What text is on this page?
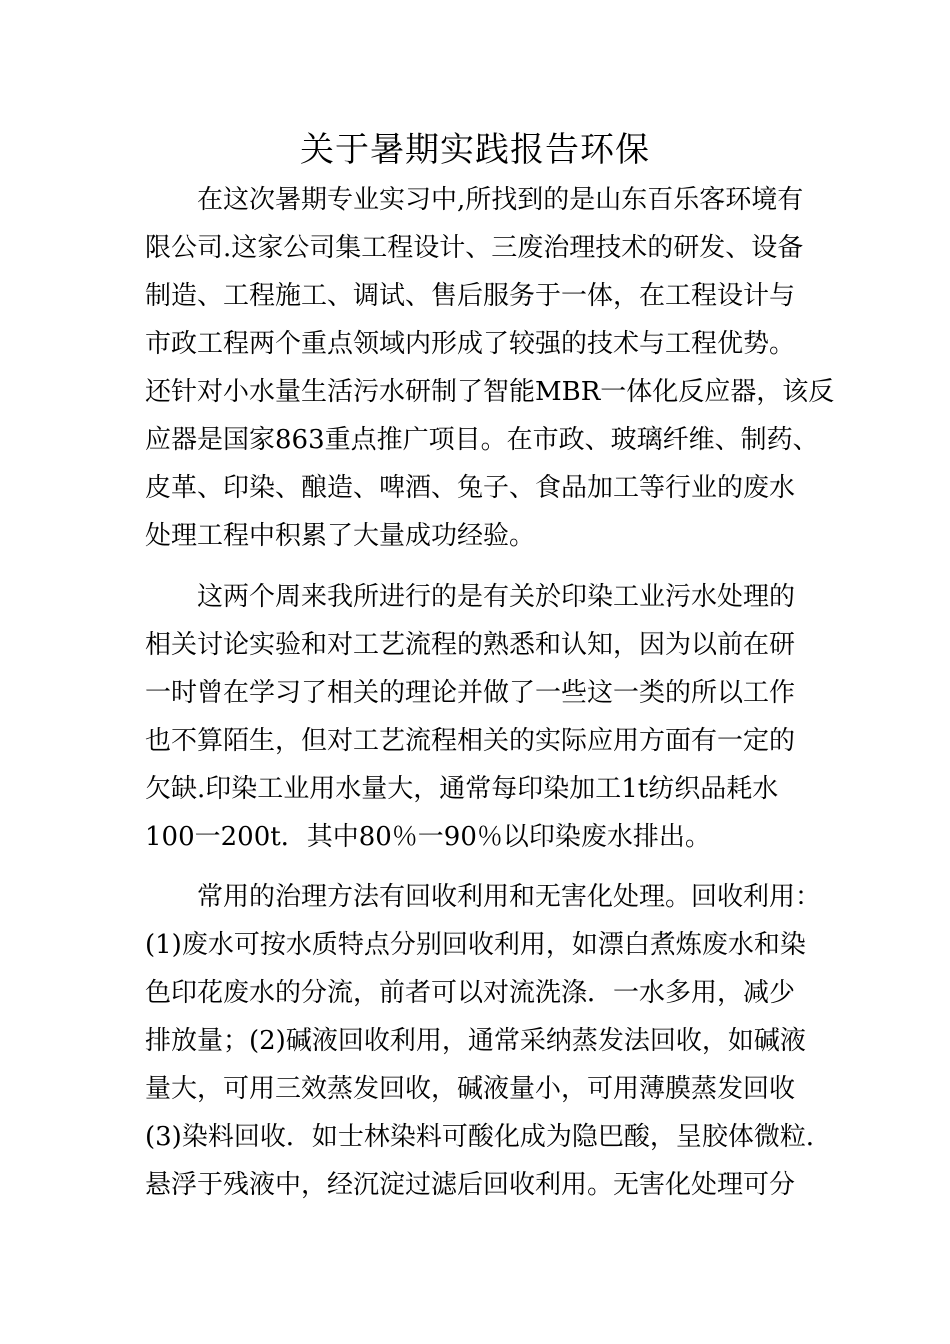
关于暑期实践报告环保
　　在这次暑期专业实习中,所找到的是山东百乐客环境有
限公司.这家公司集工程设计、三废治理技术的研发、设备
制造、工程施工、调试、售后服务于一体，在工程设计与
市政工程两个重点领域内形成了较强的技术与工程优势。
还针对小水量生活污水研制了智能MBR一体化反应器，该反
应器是国家863重点推广项目。在市政、玻璃纤维、制药、
皮革、印染、酿造、啤酒、兔子、食品加工等行业的废水
处理工程中积累了大量成功经验。
　　这两个周来我所进行的是有关於印染工业污水处理的
相关讨论实验和对工艺流程的熟悉和认知，因为以前在研
一时曾在学习了相关的理论并做了一些这一类的所以工作
也不算陌生，但对工艺流程相关的实际应用方面有一定的
欠缺.印染工业用水量大，通常每印染加工1t纺织品耗水
100一200t．其中80％一90％以印染废水排出。
　　常用的治理方法有回收利用和无害化处理。回收利用：
(1)废水可按水质特点分别回收利用，如漂白煮炼废水和染
色印花废水的分流，前者可以对流洗涤．一水多用，减少
排放量；(2)碱液回收利用，通常采纳蒸发法回收，如碱液
量大，可用三效蒸发回收，碱液量小，可用薄膜蒸发回收
(3)染料回收．如士林染料可酸化成为隐巴酸，呈胶体微粒．
悬浮于残液中，经沉淀过滤后回收利用。无害化处理可分
